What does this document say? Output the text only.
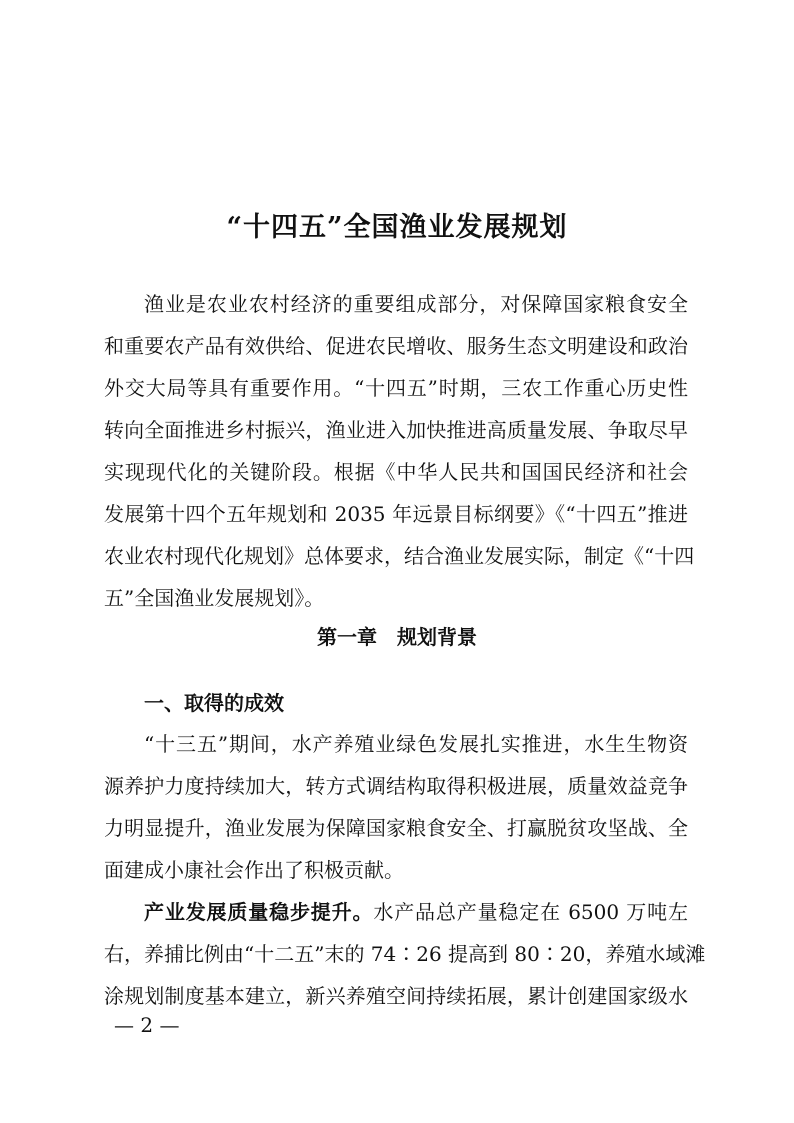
“十四五”全国渔业发展规划
渔业是农业农村经济的重要组成部分，对保障国家粮食安全
和重要农产品有效供给、促进农民增收、服务生态文明建设和政治
外交大局等具有重要作用。“十四五”时期，三农工作重心历史性
转向全面推进乡村振兴，渔业进入加快推进高质量发展、争取尽早
实现现代化的关键阶段。根据《中华人民共和国国民经济和社会
发展第十四个五年规划和 2035 年远景目标纲要》《“十四五”推进
农业农村现代化规划》总体要求，结合渔业发展实际，制定《“十四
五”全国渔业发展规划》。
第一章　规划背景
一、取得的成效
“十三五”期间，水产养殖业绿色发展扎实推进，水生生物资
源养护力度持续加大，转方式调结构取得积极进展，质量效益竞争
力明显提升，渔业发展为保障国家粮食安全、打赢脱贫攻坚战、全
面建成小康社会作出了积极贡献。
产业发展质量稳步提升。水产品总产量稳定在 6500 万吨左
右，养捕比例由“十二五”末的 74∶26 提高到 80∶20，养殖水域滩
涂规划制度基本建立，新兴养殖空间持续拓展，累计创建国家级水
— 2 —
